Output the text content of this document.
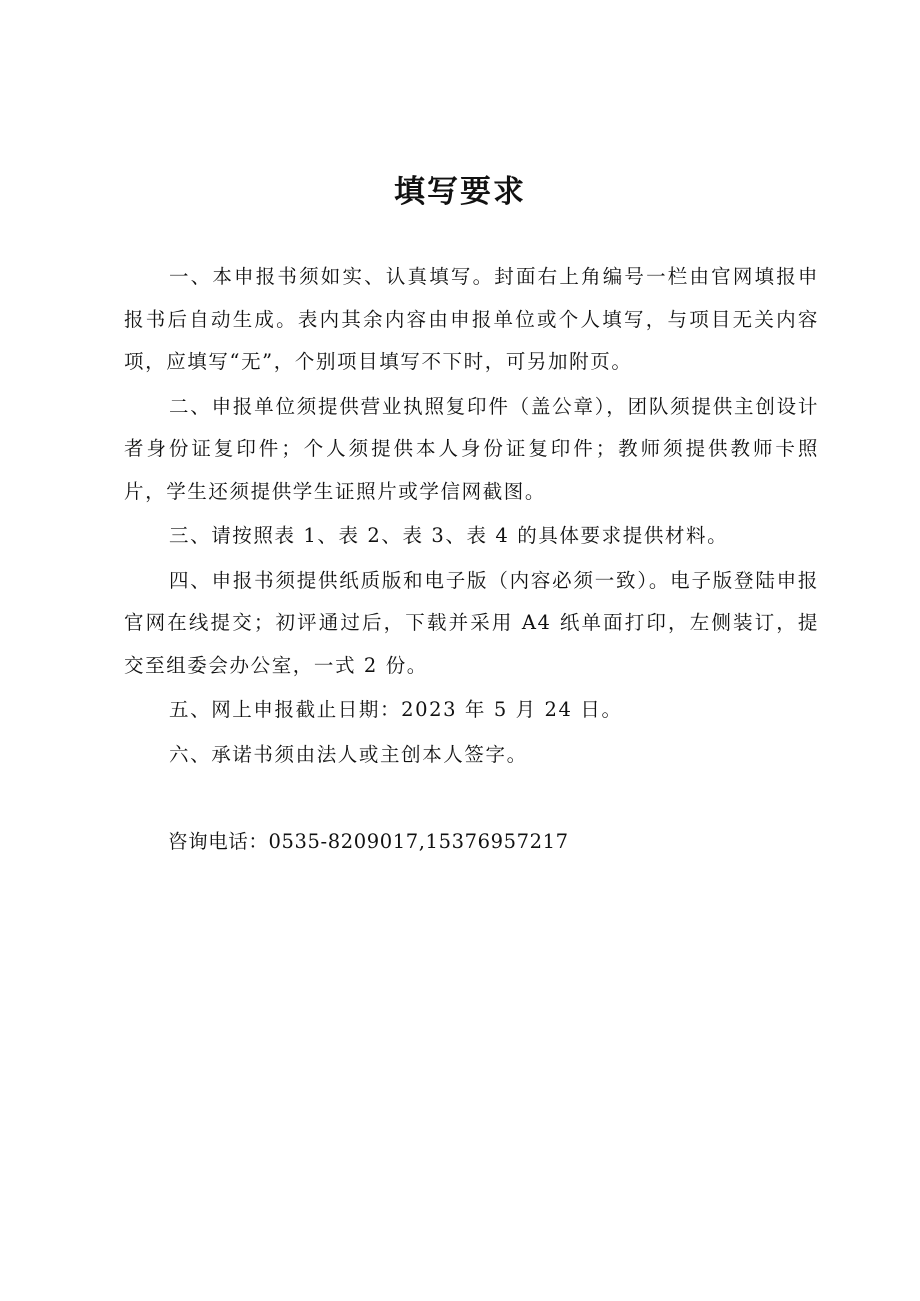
填写要求

一、本申报书须如实、认真填写。封面右上角编号一栏由官网填报申报书后自动生成。表内其余内容由申报单位或个人填写，与项目无关内容项，应填写“无”，个别项目填写不下时，可另加附页。

二、申报单位须提供营业执照复印件（盖公章），团队须提供主创设计者身份证复印件；个人须提供本人身份证复印件；教师须提供教师卡照片，学生还须提供学生证照片或学信网截图。

三、请按照表 1、表 2、表 3、表 4 的具体要求提供材料。

四、申报书须提供纸质版和电子版（内容必须一致）。电子版登陆申报官网在线提交；初评通过后，下载并采用 A4 纸单面打印，左侧装订，提交至组委会办公室，一式 2 份。

五、网上申报截止日期：2023 年 5 月 24 日。

六、承诺书须由法人或主创本人签字。

咨询电话：0535-8209017,15376957217
